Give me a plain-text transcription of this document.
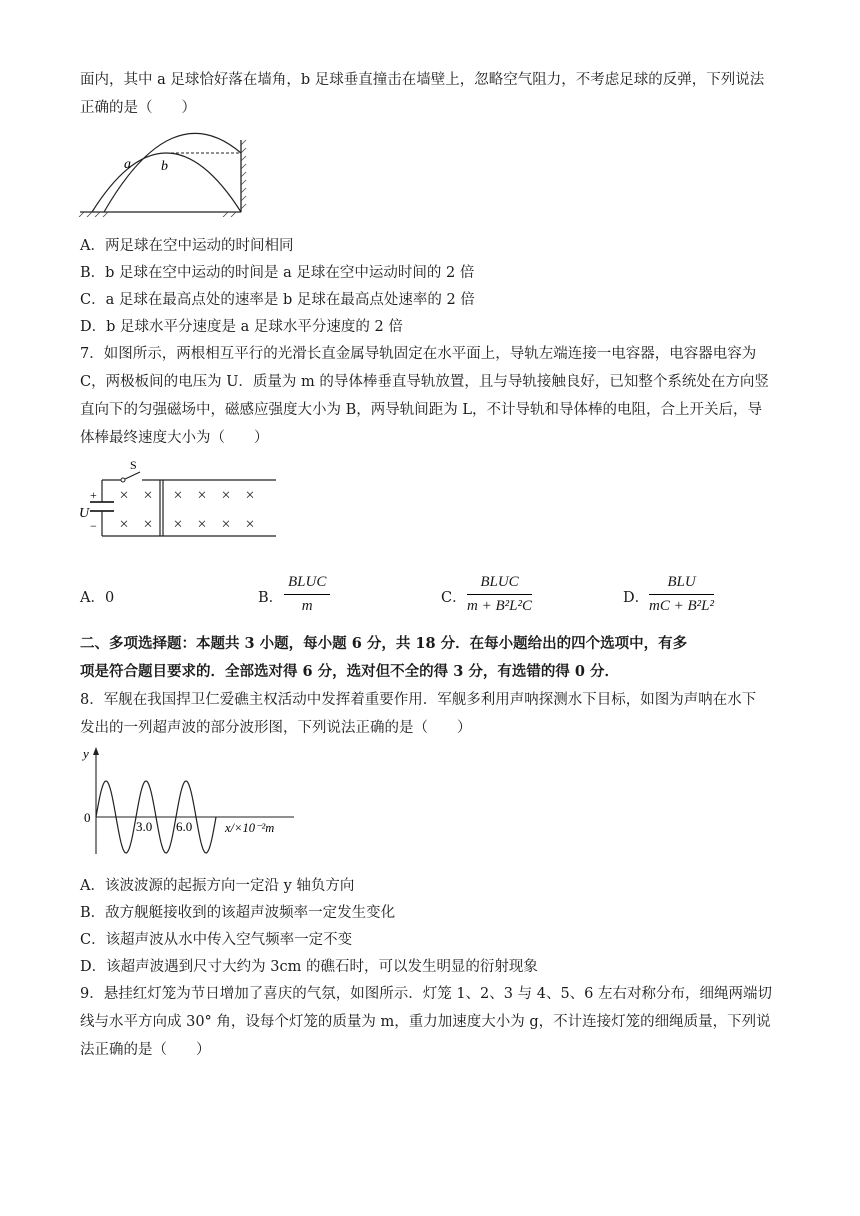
面内，其中 a 足球恰好落在墙角，b 足球垂直撞击在墙壁上，忽略空气阻力，不考虑足球的反弹，下列说法
正确的是（　　）
a b
A．两足球在空中运动的时间相同
B．b 足球在空中运动的时间是 a 足球在空中运动时间的 2 倍
C．a 足球在最高点处的速率是 b 足球在最高点处速率的 2 倍
D．b 足球水平分速度是 a 足球水平分速度的 2 倍
7．如图所示，两根相互平行的光滑长直金属导轨固定在水平面上，导轨左端连接一电容器，电容器电容为
C，两极板间的电压为 U．质量为 m 的导体棒垂直导轨放置，且与导轨接触良好，已知整个系统处在方向竖
直向下的匀强磁场中，磁感应强度大小为 B，两导轨间距为 L，不计导轨和导体棒的电阻，合上开关后，导
体棒最终速度大小为（　　）
S
+
−
U
× × × × × ×
× × × × × ×
A．0	B．
BLUC
m	C．
BLUC
m + B²L²C	D．
BLU
mC + B²L²
二、多项选择题：本题共 3 小题，每小题 6 分，共 18 分．在每小题给出的四个选项中，有多
项是符合题目要求的．全部选对得 6 分，选对但不全的得 3 分，有选错的得 0 分．
8．军舰在我国捍卫仁爱礁主权活动中发挥着重要作用．军舰多利用声呐探测水下目标，如图为声呐在水下
发出的一列超声波的部分波形图，下列说法正确的是（　　）
y
0
3.0 6.0	x/×10⁻²m
A．该波波源的起振方向一定沿 y 轴负方向
B．敌方舰艇接收到的该超声波频率一定发生变化
C．该超声波从水中传入空气频率一定不变
D．该超声波遇到尺寸大约为 3cm 的礁石时，可以发生明显的衍射现象
9．悬挂红灯笼为节日增加了喜庆的气氛，如图所示．灯笼 1、2、3 与 4、5、6 左右对称分布，细绳两端切
线与水平方向成 30° 角，设每个灯笼的质量为 m，重力加速度大小为 g，不计连接灯笼的细绳质量，下列说
法正确的是（　　）
